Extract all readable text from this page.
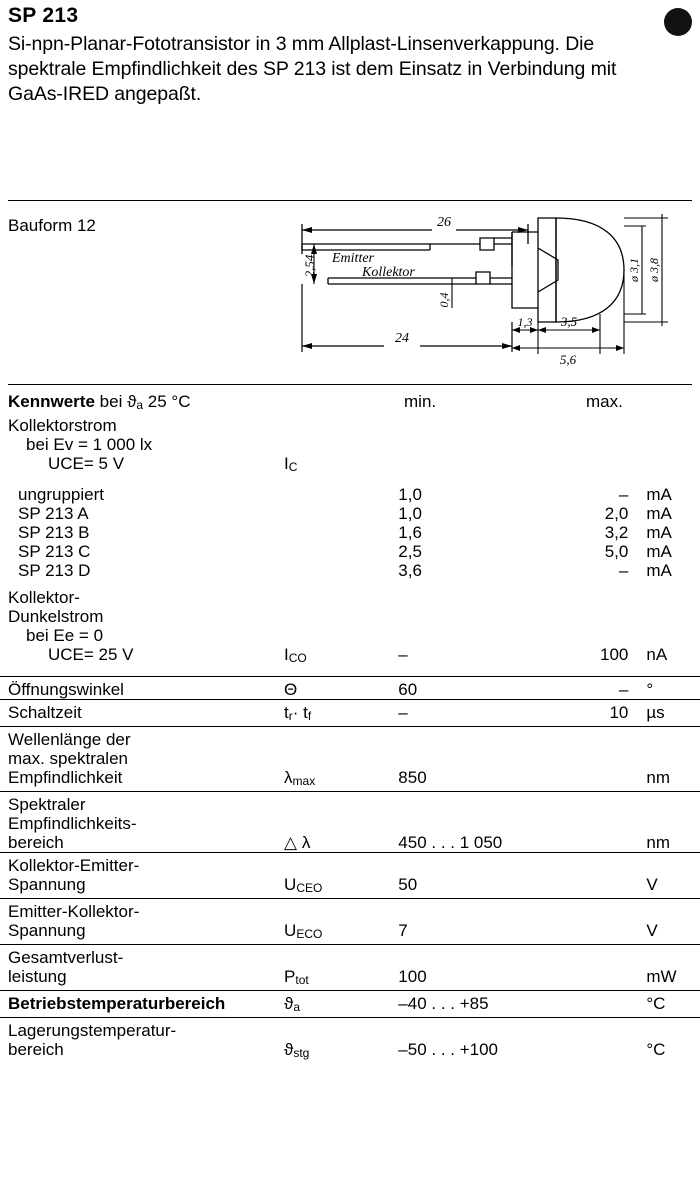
SP 213
Si-npn-Planar-Fototransistor in 3 mm Allplast-Linsenverkappung. Die spektrale Empfindlichkeit des SP 213 ist dem Einsatz in Verbindung mit GaAs-IRED angepaßt.
Bauform 12
2,54
0,4
24
26
1,3 3,5
5,6
ø 3,1 ø 3,8
Emitter
Kollektor
Kennwerte bei ϑa 25 °C	min.	max.
Kollektorstrom				
bei Ev = 1 000 lx				
UCE= 5 V	IC			

ungruppiert		1,0	–	mA
SP 213 A		1,0	2,0	mA
SP 213 B		1,6	3,2	mA
SP 213 C		2,5	5,0	mA
SP 213 D		3,6	–	mA

Kollektor-				
Dunkelstrom				
bei Ee = 0				
UCE= 25 V	ICO	–	100	nA

Öffnungswinkel	Θ	60	–	°
Schaltzeit	tr· tf	–	10	µs
Wellenlänge der				
max. spektralen				
Empfindlichkeit	λmax	850		nm
Spektraler				
Empfindlichkeits-				
bereich	△ λ	450 . . . 1 050		nm
Kollektor-Emitter-				
Spannung	UCEO	50		V
Emitter-Kollektor-				
Spannung	UECO	7		V
Gesamtverlust-				
leistung	Ptot	100		mW
Betriebstemperaturbereich	ϑa	–40 . . . +85		°C
Lagerungstemperatur-				
bereich	ϑstg	–50 . . . +100		°C
